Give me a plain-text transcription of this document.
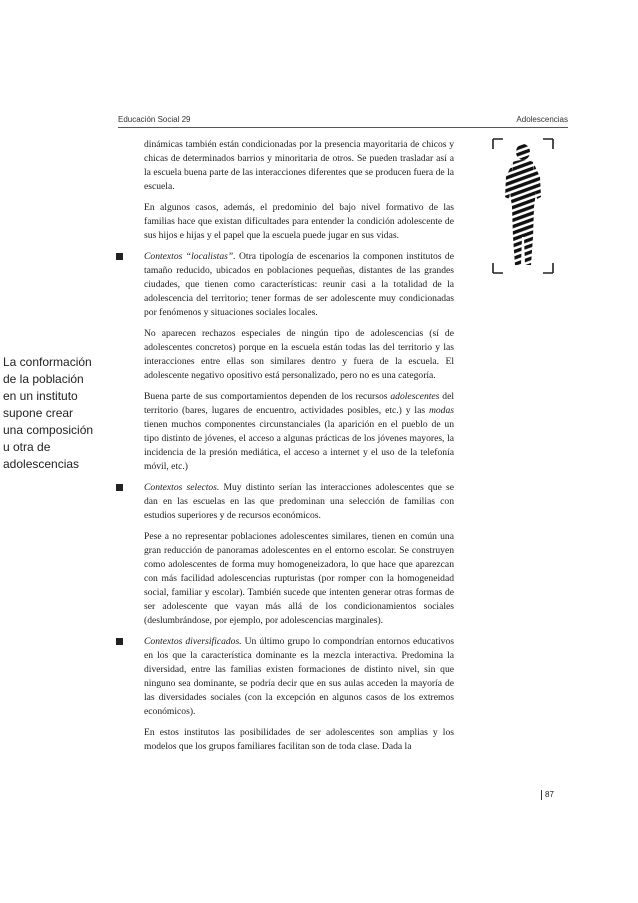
Educación Social 29	Adolescencias
La conformación
de la población
en un instituto
supone crear
una composición
u otra de
adolescencias

dinámicas también están condicionadas por la presencia mayoritaria de chicos y chicas de determinados barrios y minoritaria de otros. Se pueden trasladar así a la escuela buena parte de las interacciones diferentes que se producen fuera de la escuela.

En algunos casos, además, el predominio del bajo nivel formativo de las familias hace que existan dificultades para entender la condición adolescente de sus hijos e hijas y el papel que la escuela puede jugar en sus vidas.

Contextos “localistas”. Otra tipología de escenarios la componen institutos de tamaño reducido, ubicados en poblaciones pequeñas, distantes de las grandes ciudades, que tienen como características: reunir casi a la totalidad de la adolescencia del territorio; tener formas de ser adolescente muy condicionadas por fenómenos y situaciones sociales locales.

No aparecen rechazos especiales de ningún tipo de adolescencias (sí de adolescentes concretos) porque en la escuela están todas las del territorio y las interacciones entre ellas son similares dentro y fuera de la escuela. El adolescente negativo opositivo está personalizado, pero no es una categoría.

Buena parte de sus comportamientos dependen de los recursos adolescentes del territorio (bares, lugares de encuentro, actividades posibles, etc.) y las modas tienen muchos componentes circunstanciales (la aparición en el pueblo de un tipo distinto de jóvenes, el acceso a algunas prácticas de los jóvenes mayores, la incidencia de la presión mediática, el acceso a internet y el uso de la telefonía móvil, etc.)

Contextos selectos. Muy distinto serían las interacciones adolescentes que se dan en las escuelas en las que predominan una selección de familias con estudios superiores y de recursos económicos.

Pese a no representar poblaciones adolescentes similares, tienen en común una gran reducción de panoramas adolescentes en el entorno escolar. Se construyen como adolescentes de forma muy homogeneizadora, lo que hace que aparezcan con más facilidad adolescencias rupturistas (por romper con la homogeneidad social, familiar y escolar). También sucede que intenten generar otras formas de ser adolescente que vayan más allá de los condicionamientos sociales (deslumbrándose, por ejemplo, por adolescencias marginales).

Contextos diversificados. Un último grupo lo compondrían entornos educativos en los que la característica dominante es la mezcla interactiva. Predomina la diversidad, entre las familias existen formaciones de distinto nivel, sin que ninguno sea dominante, se podría decir que en sus aulas acceden la mayoría de las diversidades sociales (con la excepción en algunos casos de los extremos económicos).

En estos institutos las posibilidades de ser adolescentes son amplias y los modelos que los grupos familiares facilitan son de toda clase. Dada la

87
